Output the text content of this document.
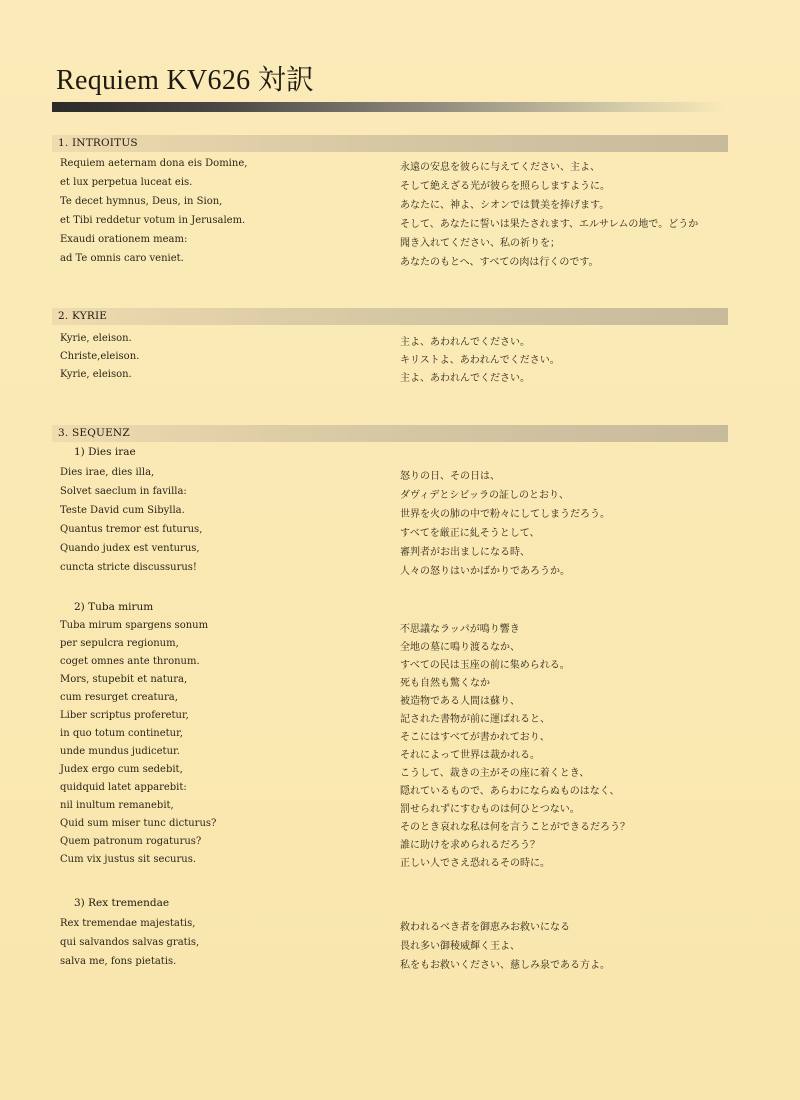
Requiem KV626 対訳
1. INTROITUS
Requiem aeternam dona eis Domine,
et lux perpetua luceat eis.
Te decet hymnus, Deus, in Sion,
et Tibi reddetur votum in Jerusalem.
Exaudi orationem meam:
ad Te omnis caro veniet.
永遠の安息を彼らに与えてください、主よ、
そして絶えざる光が彼らを照らしますように。
あなたに、神よ、シオンでは賛美を捧げます。
そして、あなたに誓いは果たされます、エルサレムの地で。どうか
聞き入れてください、私の祈りを；
あなたのもとへ、すべての肉は行くのです。
2. KYRIE
Kyrie, eleison.
Christe,eleison.
Kyrie, eleison.
主よ、あわれんでください。
キリストよ、あわれんでください。
主よ、あわれんでください。
3. SEQUENZ
1) Dies irae
Dies irae, dies illa,
Solvet saeclum in favilla:
Teste David cum Sibylla.
Quantus tremor est futurus,
Quando judex est venturus,
cuncta stricte discussurus!
怒りの日、その日は、
ダヴィデとシビッラの証しのとおり、
世界を火の肺の中で粉々にしてしまうだろう。
すべてを厳正に糺そうとして、
審判者がお出ましになる時、
人々の怒りはいかばかりであろうか。
2) Tuba mirum
Tuba mirum spargens sonum
per sepulcra regionum,
coget omnes ante thronum.
Mors, stupebit et natura,
cum resurget creatura,
Liber scriptus proferetur,
in quo totum continetur,
unde mundus judicetur.
Judex ergo cum sedebit,
quidquid latet apparebit:
nil inultum remanebit,
Quid sum miser tunc dicturus?
Quem patronum rogaturus?
Cum vix justus sit securus.
不思議なラッパが鳴り響き
全地の墓に鳴り渡るなか、
すべての民は玉座の前に集められる。
死も自然も驚くなか
被造物である人間は蘇り、
記された書物が前に運ばれると、
そこにはすべてが書かれており、
それによって世界は裁かれる。
こうして、裁きの主がその座に着くとき、
隠れているもので、あらわにならぬものはなく、
罰せられずにすむものは何ひとつない。
そのとき哀れな私は何を言うことができるだろう？
誰に助けを求められるだろう？
正しい人でさえ恐れるその時に。
3) Rex tremendae
Rex tremendae majestatis,
qui salvandos salvas gratis,
salva me, fons pietatis.
救われるべき者を御恵みお救いになる
畏れ多い御稜威輝く王よ、
私をもお救いください、慈しみ泉である方よ。
